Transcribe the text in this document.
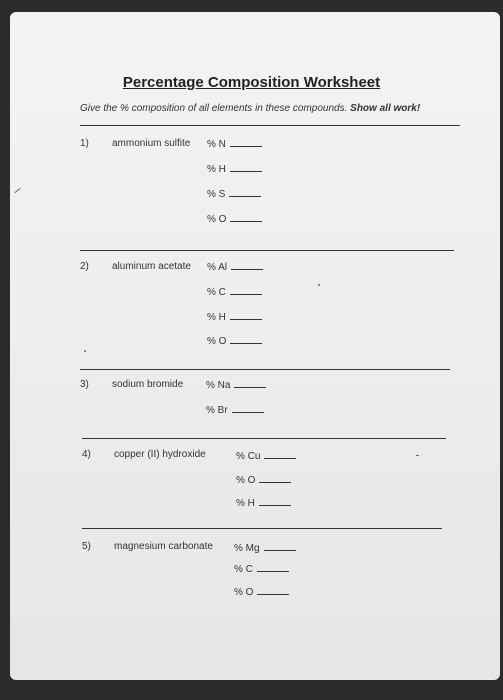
Percentage Composition Worksheet
Give the % composition of all elements in these compounds. Show all work!
1) ammonium sulfite % N
% H
% S
% O
2) aluminum acetate % Al
% C
% H
% O
3) sodium bromide % Na
% Br
4) copper (II) hydroxide	% Cu
% O
% H
5) magnesium carbonate % Mg
% C
% O
